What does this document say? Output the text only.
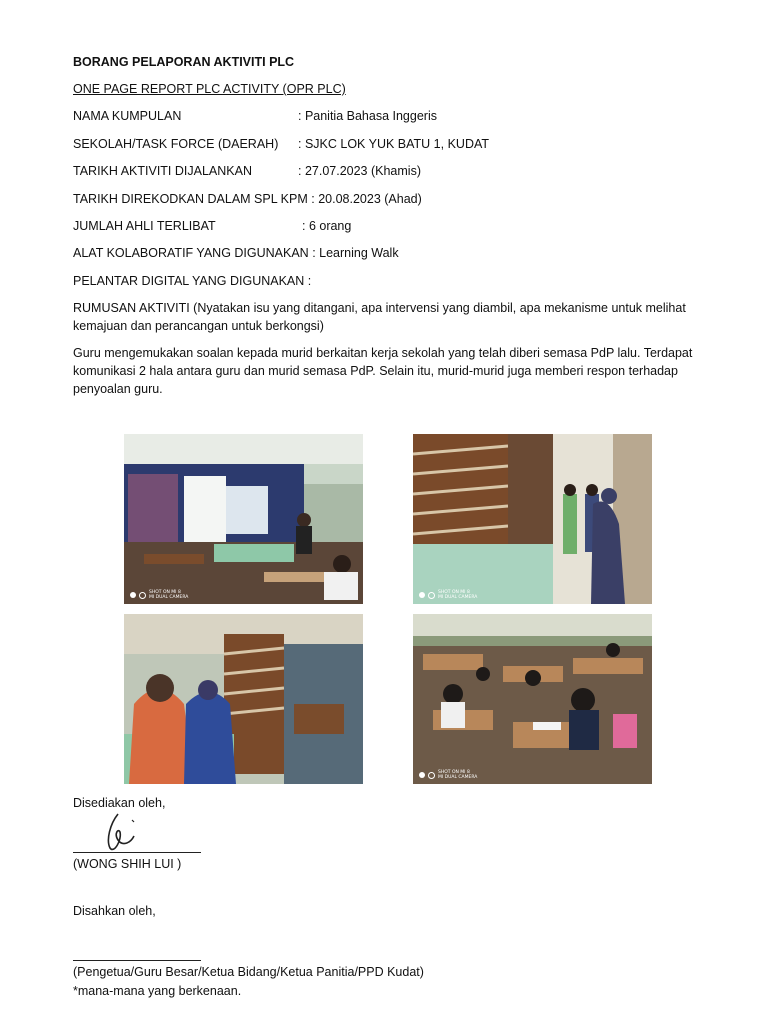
BORANG PELAPORAN AKTIVITI PLC
ONE PAGE REPORT PLC ACTIVITY (OPR PLC)
NAMA KUMPULAN	: Panitia Bahasa Inggeris
SEKOLAH/TASK FORCE (DAERAH) : SJKC LOK YUK BATU 1, KUDAT
TARIKH AKTIVITI DIJALANKAN	: 27.07.2023 (Khamis)
TARIKH DIREKODKAN DALAM SPL KPM : 20.08.2023 (Ahad)
JUMLAH AHLI TERLIBAT	: 6 orang
ALAT KOLABORATIF YANG DIGUNAKAN : Learning Walk
PELANTAR DIGITAL YANG DIGUNAKAN :
RUMUSAN AKTIVITI (Nyatakan isu yang ditangani, apa intervensi yang diambil, apa mekanisme untuk melihat kemajuan dan perancangan untuk berkongsi)
Guru mengemukakan soalan kepada murid berkaitan kerja sekolah yang telah diberi semasa PdP lalu. Terdapat komunikasi 2 hala antara guru dan murid semasa PdP. Selain itu, murid-murid juga memberi respon terhadap penyoalan guru.
SHOT ON MI 8
MI DUAL CAMERA
SHOT ON MI 8
MI DUAL CAMERA
SHOT ON MI 8
MI DUAL CAMERA
Disediakan oleh,
(WONG SHIH LUI )
Disahkan oleh,
(Pengetua/Guru Besar/Ketua Bidang/Ketua Panitia/PPD Kudat)
*mana-mana yang berkenaan.
